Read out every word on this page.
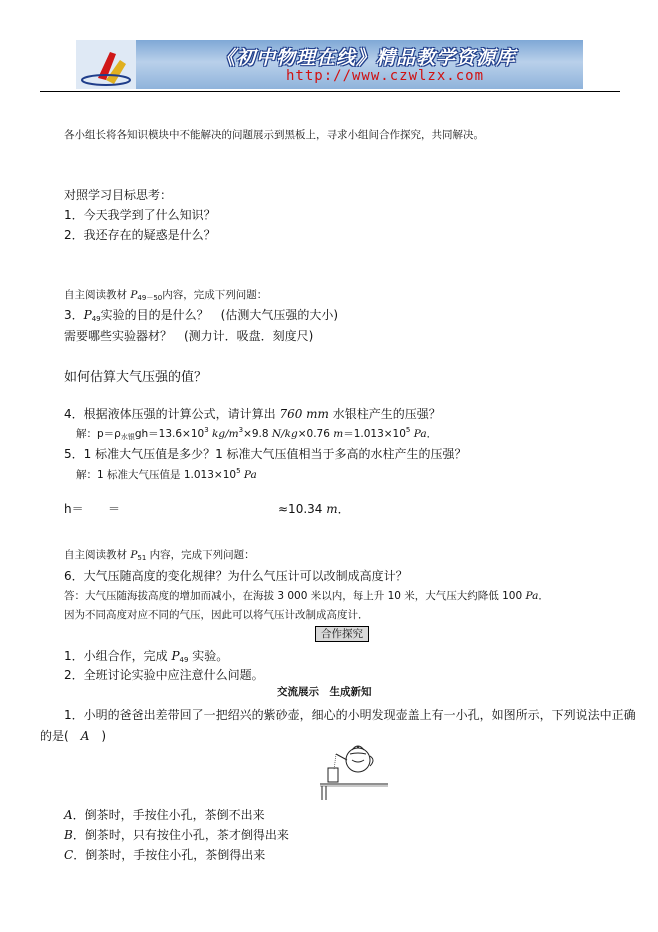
《初中物理在线》精品教学资源库
http://www.czwlzx.com
各小组长将各知识模块中不能解决的问题展示到黑板上，寻求小组间合作探究，共同解决。
对照学习目标思考：
1．今天我学到了什么知识？
2．我还存在的疑惑是什么？
自主阅读教材 $P_{49-50}$内容，完成下列问题：
3．$P_{49}$实验的目的是什么？　(估测大气压强的大小)
需要哪些实验器材？　(测力计．吸盘．刻度尺)
如何估算大气压强的值？
4．根据液体压强的计算公式，请计算出 760 mm 水银柱产生的压强？
解：$p=\rho_{水银}gh=13.6\times 10^3$ $kg/m^3\times 9.8$ N/kg×0.76 $m=1.013\times 10^5$ Pa．
5．1 标准大气压值是多少？1 标准大气压值相当于多高的水柱产生的压强？
解：1 标准大气压值是 $1.013\times 10^5$ Pa
h＝ ＝	≈10.34 m．
自主阅读教材 $P_{51}$ 内容，完成下列问题：
6．大气压随高度的变化规律？为什么气压计可以改制成高度计？
答：大气压随海拔高度的增加而减小，在海拔 3 000 米以内，每上升 10 米，大气压大约降低 100 Pa．
因为不同高度对应不同的气压，因此可以将气压计改制成高度计．
合作探究
1．小组合作，完成 $P_{49}$ 实验。
2．全班讨论实验中应注意什么问题。
交流展示　生成新知
1．小明的爸爸出差带回了一把绍兴的紫砂壶，细心的小明发现壶盖上有一小孔，如图所示，下列说法中正确
的是(　A　)
A．倒茶时，手按住小孔，茶倒不出来
B．倒茶时，只有按住小孔，茶才倒得出来
C．倒茶时，手按住小孔，茶倒得出来
